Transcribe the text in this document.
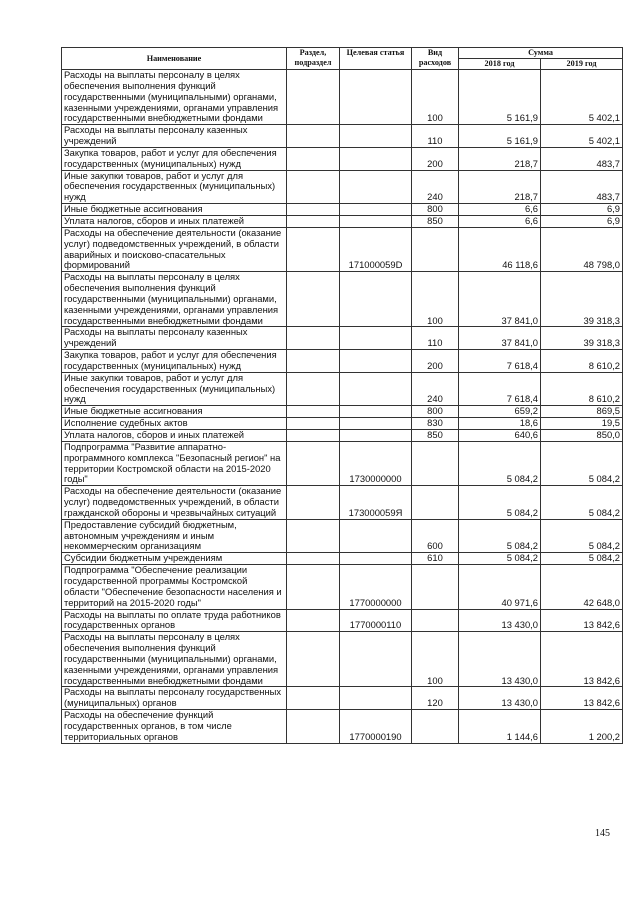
Наименование	Раздел, подраздел	Целевая статья	Вид расходов	Сумма	
				2018 год	2019 год
Расходы на выплаты персоналу в целях обеспечения выполнения функций государственными (муниципальными) органами, казенными учреждениями, органами управления государственными внебюджетными фондами			100	5 161,9	5 402,1
Расходы на выплаты персоналу казенных учреждений			110	5 161,9	5 402,1
Закупка товаров, работ и услуг для обеспечения государственных (муниципальных) нужд			200	218,7	483,7
Иные закупки товаров, работ и услуг для обеспечения государственных (муниципальных) нужд			240	218,7	483,7
Иные бюджетные ассигнования			800	6,6	6,9
Уплата налогов, сборов и иных платежей			850	6,6	6,9
Расходы на обеспечение деятельности (оказание услуг) подведомственных учреждений, в области аварийных и поисково-спасательных формирований		171000059D		46 118,6	48 798,0
Расходы на выплаты персоналу в целях обеспечения выполнения функций государственными (муниципальными) органами, казенными учреждениями, органами управления государственными внебюджетными фондами			100	37 841,0	39 318,3
Расходы на выплаты персоналу казенных учреждений			110	37 841,0	39 318,3
Закупка товаров, работ и услуг для обеспечения государственных (муниципальных) нужд			200	7 618,4	8 610,2
Иные закупки товаров, работ и услуг для обеспечения государственных (муниципальных) нужд			240	7 618,4	8 610,2
Иные бюджетные ассигнования			800	659,2	869,5
Исполнение судебных актов			830	18,6	19,5
Уплата налогов, сборов и иных платежей			850	640,6	850,0
Подпрограмма "Развитие аппаратно-программного комплекса "Безопасный регион" на территории Костромской области на 2015-2020 годы"		1730000000		5 084,2	5 084,2
Расходы на обеспечение деятельности (оказание услуг) подведомственных учреждений, в области гражданской обороны и чрезвычайных ситуаций		173000059Я		5 084,2	5 084,2
Предоставление субсидий бюджетным, автономным учреждениям и иным некоммерческим организациям			600	5 084,2	5 084,2
Субсидии бюджетным учреждениям			610	5 084,2	5 084,2
Подпрограмма "Обеспечение реализации государственной программы Костромской области "Обеспечение безопасности населения и территорий на 2015-2020 годы"		1770000000		40 971,6	42 648,0
Расходы на выплаты по оплате труда работников государственных органов		1770000110		13 430,0	13 842,6
Расходы на выплаты персоналу в целях обеспечения выполнения функций государственными (муниципальными) органами, казенными учреждениями, органами управления государственными внебюджетными фондами			100	13 430,0	13 842,6
Расходы на выплаты персоналу государственных (муниципальных) органов			120	13 430,0	13 842,6
Расходы на обеспечение функций государственных органов, в том числе территориальных органов		1770000190		1 144,6	1 200,2
145
